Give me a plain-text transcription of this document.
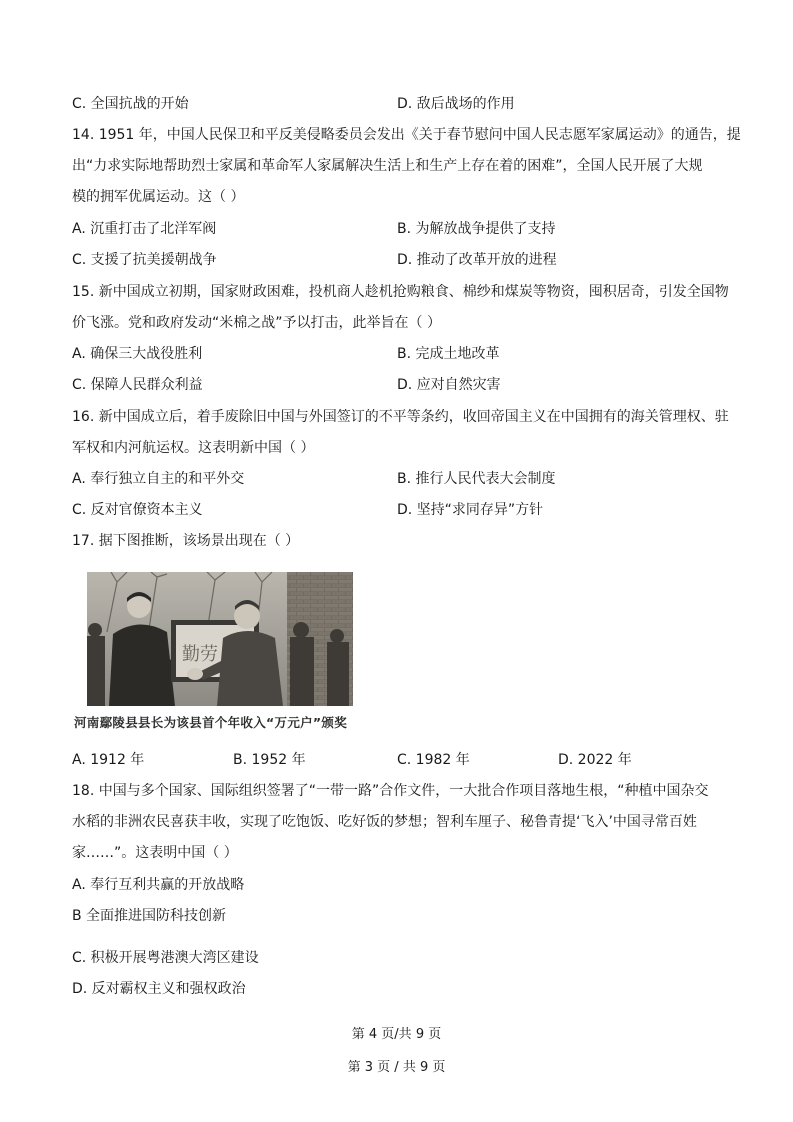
C. 全国抗战的开始	D. 敌后战场的作用
14. 1951 年，中国人民保卫和平反美侵略委员会发出《关于春节慰问中国人民志愿军家属运动》的通告，提
出“力求实际地帮助烈士家属和革命军人家属解决生活上和生产上存在着的困难”，全国人民开展了大规
模的拥军优属运动。这（ ）
A. 沉重打击了北洋军阀	B. 为解放战争提供了支持
C. 支援了抗美援朝战争	D. 推动了改革开放的进程
15. 新中国成立初期，国家财政困难，投机商人趁机抢购粮食、棉纱和煤炭等物资，囤积居奇，引发全国物
价飞涨。党和政府发动“米棉之战”予以打击，此举旨在（ ）
A. 确保三大战役胜利	B. 完成土地改革
C. 保障人民群众利益	D. 应对自然灾害
16. 新中国成立后，着手废除旧中国与外国签订的不平等条约，收回帝国主义在中国拥有的海关管理权、驻
军权和内河航运权。这表明新中国（ ）
A. 奉行独立自主的和平外交	B. 推行人民代表大会制度
C. 反对官僚资本主义	D. 坚持“求同存异”方针
17. 据下图推断，该场景出现在（ ）
勤劳
河南鄢陵县县长为该县首个年收入“万元户”颁奖
A. 1912 年	B. 1952 年	C. 1982 年	D. 2022 年
18. 中国与多个国家、国际组织签署了“一带一路”合作文件，一大批合作项目落地生根，“种植中国杂交
水稻的非洲农民喜获丰收，实现了吃饱饭、吃好饭的梦想；智利车厘子、秘鲁青提‘飞入’中国寻常百姓
家……”。这表明中国（ ）
A. 奉行互利共赢的开放战略
B 全面推进国防科技创新
C. 积极开展粤港澳大湾区建设
D. 反对霸权主义和强权政治
第 4 页/共 9 页
第 3 页 / 共 9 页
